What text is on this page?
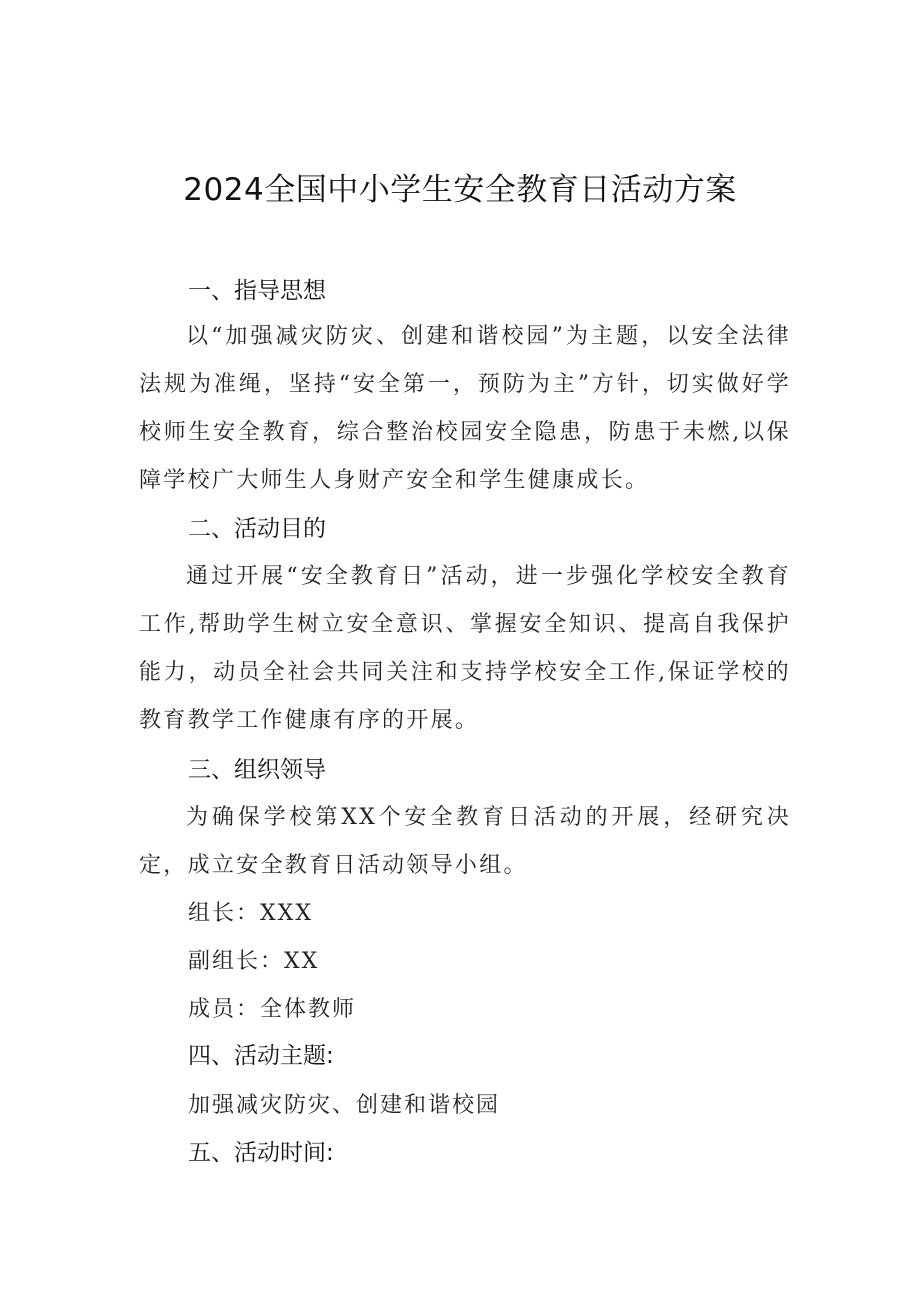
2024全国中小学生安全教育日活动方案
一、指导思想
以“加强减灾防灾、创建和谐校园”为主题，以安全法律法规为准绳，坚持“安全第一，预防为主”方针，切实做好学校师生安全教育，综合整治校园安全隐患，防患于未燃,以保障学校广大师生人身财产安全和学生健康成长。
二、活动目的
通过开展“安全教育日”活动，进一步强化学校安全教育工作,帮助学生树立安全意识、掌握安全知识、提高自我保护能力，动员全社会共同关注和支持学校安全工作,保证学校的教育教学工作健康有序的开展。
三、组织领导
为确保学校第XX个安全教育日活动的开展，经研究决定，成立安全教育日活动领导小组。
组长：XXX
副组长：XX
成员：全体教师
四、活动主题:
加强减灾防灾、创建和谐校园
五、活动时间:
